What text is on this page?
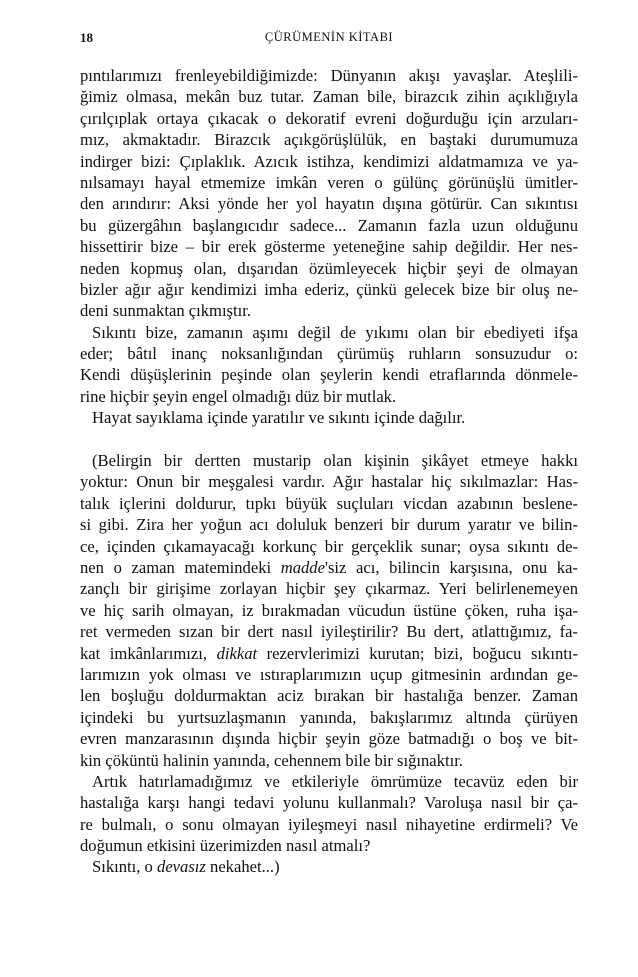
18	ÇÜRÜMENİN KİTABI
pıntılarımızı frenleyebildiğimizde: Dünyanın akışı yavaşlar. Ateşlili-
ğimiz olmasa, mekân buz tutar. Zaman bile, birazcık zihin açıklığıyla
çırılçıplak ortaya çıkacak o dekoratif evreni doğurduğu için arzuları-
mız, akmaktadır. Birazcık açıkgörüşlülük, en baştaki durumumuza
indirger bizi: Çıplaklık. Azıcık istihza, kendimizi aldatmamıza ve ya-
nılsamayı hayal etmemize imkân veren o gülünç görünüşlü ümitler-
den arındırır: Aksi yönde her yol hayatın dışına götürür. Can sıkıntısı
bu güzergâhın başlangıcıdır sadece... Zamanın fazla uzun olduğunu
hissettirir bize – bir erek gösterme yeteneğine sahip değildir. Her nes-
neden kopmuş olan, dışarıdan özümleyecek hiçbir şeyi de olmayan
bizler ağır ağır kendimizi imha ederiz, çünkü gelecek bize bir oluş ne-
deni sunmaktan çıkmıştır.
Sıkıntı bize, zamanın aşımı değil de yıkımı olan bir ebediyeti ifşa
eder; bâtıl inanç noksanlığından çürümüş ruhların sonsuzudur o:
Kendi düşüşlerinin peşinde olan şeylerin kendi etraflarında dönmele-
rine hiçbir şeyin engel olmadığı düz bir mutlak.
Hayat sayıklama içinde yaratılır ve sıkıntı içinde dağılır.
(Belirgin bir dertten mustarip olan kişinin şikâyet etmeye hakkı
yoktur: Onun bir meşgalesi vardır. Ağır hastalar hiç sıkılmazlar: Has-
talık içlerini doldurur, tıpkı büyük suçluları vicdan azabının beslene-
si gibi. Zira her yoğun acı doluluk benzeri bir durum yaratır ve bilin-
ce, içinden çıkamayacağı korkunç bir gerçeklik sunar; oysa sıkıntı de-
nen o zaman matemindeki madde'siz acı, bilincin karşısına, onu ka-
zançlı bir girişime zorlayan hiçbir şey çıkarmaz. Yeri belirlenemeyen
ve hiç sarih olmayan, iz bırakmadan vücudun üstüne çöken, ruha işa-
ret vermeden sızan bir dert nasıl iyileştirilir? Bu dert, atlattığımız, fa-
kat imkânlarımızı, dikkat rezervlerimizi kurutan; bizi, boğucu sıkıntı-
larımızın yok olması ve ıstıraplarımızın uçup gitmesinin ardından ge-
len boşluğu doldurmaktan aciz bırakan bir hastalığa benzer. Zaman
içindeki bu yurtsuzlaşmanın yanında, bakışlarımız altında çürüyen
evren manzarasının dışında hiçbir şeyin göze batmadığı o boş ve bit-
kin çöküntü halinin yanında, cehennem bile bir sığınaktır.
Artık hatırlamadığımız ve etkileriyle ömrümüze tecavüz eden bir
hastalığa karşı hangi tedavi yolunu kullanmalı? Varoluşa nasıl bir ça-
re bulmalı, o sonu olmayan iyileşmeyi nasıl nihayetine erdirmeli? Ve
doğumun etkisini üzerimizden nasıl atmalı?
Sıkıntı, o devasız nekahet...)
